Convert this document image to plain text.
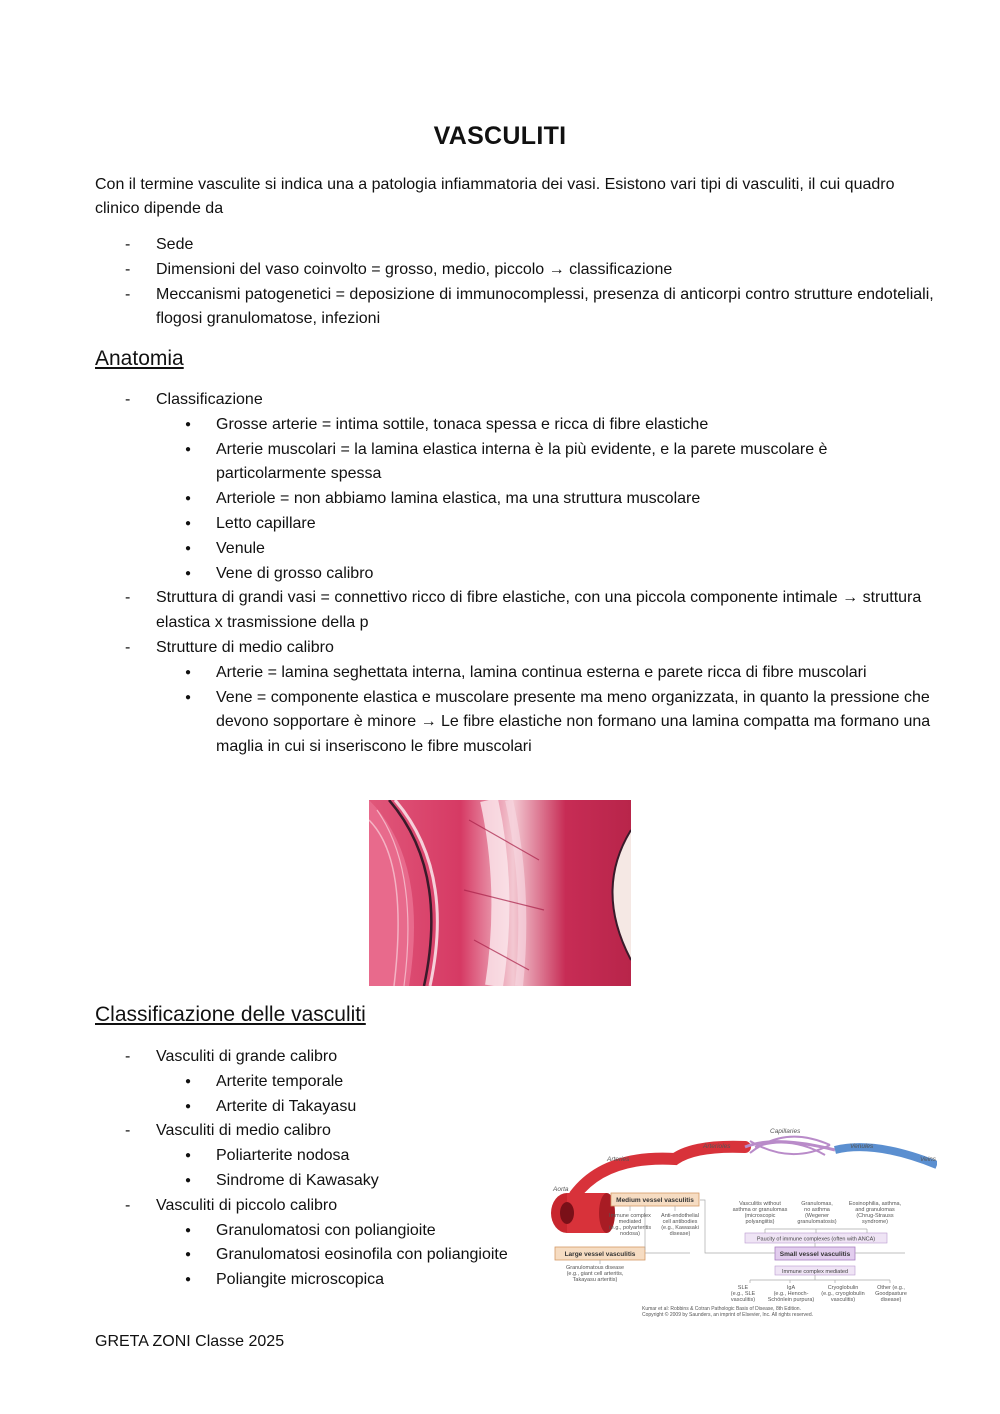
VASCULITI
Con il termine vasculite si indica una a patologia infiammatoria dei vasi. Esistono vari tipi di vasculiti, il cui quadro clinico dipende da
- Sede
- Dimensioni del vaso coinvolto = grosso, medio, piccolo → classificazione
- Meccanismi patogenetici = deposizione di immunocomplessi, presenza di anticorpi contro strutture endoteliali, flogosi granulomatose, infezioni
Anatomia
- Classificazione
● Grosse arterie = intima sottile, tonaca spessa e ricca di fibre elastiche
● Arterie muscolari = la lamina elastica interna è la più evidente, e la parete muscolare è particolarmente spessa
● Arteriole = non abbiamo lamina elastica, ma una struttura muscolare
● Letto capillare
● Venule
● Vene di grosso calibro
- Struttura di grandi vasi = connettivo ricco di fibre elastiche, con una piccola componente intimale → struttura elastica x trasmissione della p
- Strutture di medio calibro
● Arterie = lamina seghettata interna, lamina continua esterna e parete ricca di fibre muscolari
● Vene = componente elastica e muscolare presente ma meno organizzata, in quanto la pressione che devono sopportare è minore → Le fibre elastiche non formano una lamina compatta ma formano una maglia in cui si inseriscono le fibre muscolari
Classificazione delle vasculiti
- Vasculiti di grande calibro
● Arterite temporale
● Arterite di Takayasu
- Vasculiti di medio calibro
● Poliarterite nodosa
● Sindrome di Kawasaky
- Vasculiti di piccolo calibro
● Granulomatosi con poliangioite
● Granulomatosi eosinofila con poliangioite
● Poliangite microscopica
Capillaries
Arterioles	Venules
Veins
Arteries
Aorta
Medium vessel vasculitis
Large vessel vasculitis	Small vessel vasculitis
Paucity of immune complexes (often with ANCA)
Immune complex mediated
Immune complex
mediated
(e.g., polyarteritis
nodosa)
Anti-endothelial
cell antibodies
(e.g., Kawasaki
disease)
Granulomatous disease
(e.g., giant cell arteritis,
Takayasu arteritis)
Vasculitis without
asthma or granulomas
(microscopic
polyangiitis)
Granulomas,
no asthma
(Wegener
granulomatosis)
Eosinophilia, asthma,
and granulomas
(Chrug-Strauss
syndrome)
SLE
(e.g., SLE
vasculitis)
IgA
(e.g., Henoch-
Schönlein purpura)
Cryoglobulin
(e.g., cryoglobulin
vasculitis)
Other (e.g.,
Goodpasture
disease)
Kumar et al: Robbins & Cotran Pathologic Basis of Disease, 8th Edition.
Copyright © 2009 by Saunders, an imprint of Elsevier, Inc. All rights reserved.
GRETA ZONI Classe 2025
